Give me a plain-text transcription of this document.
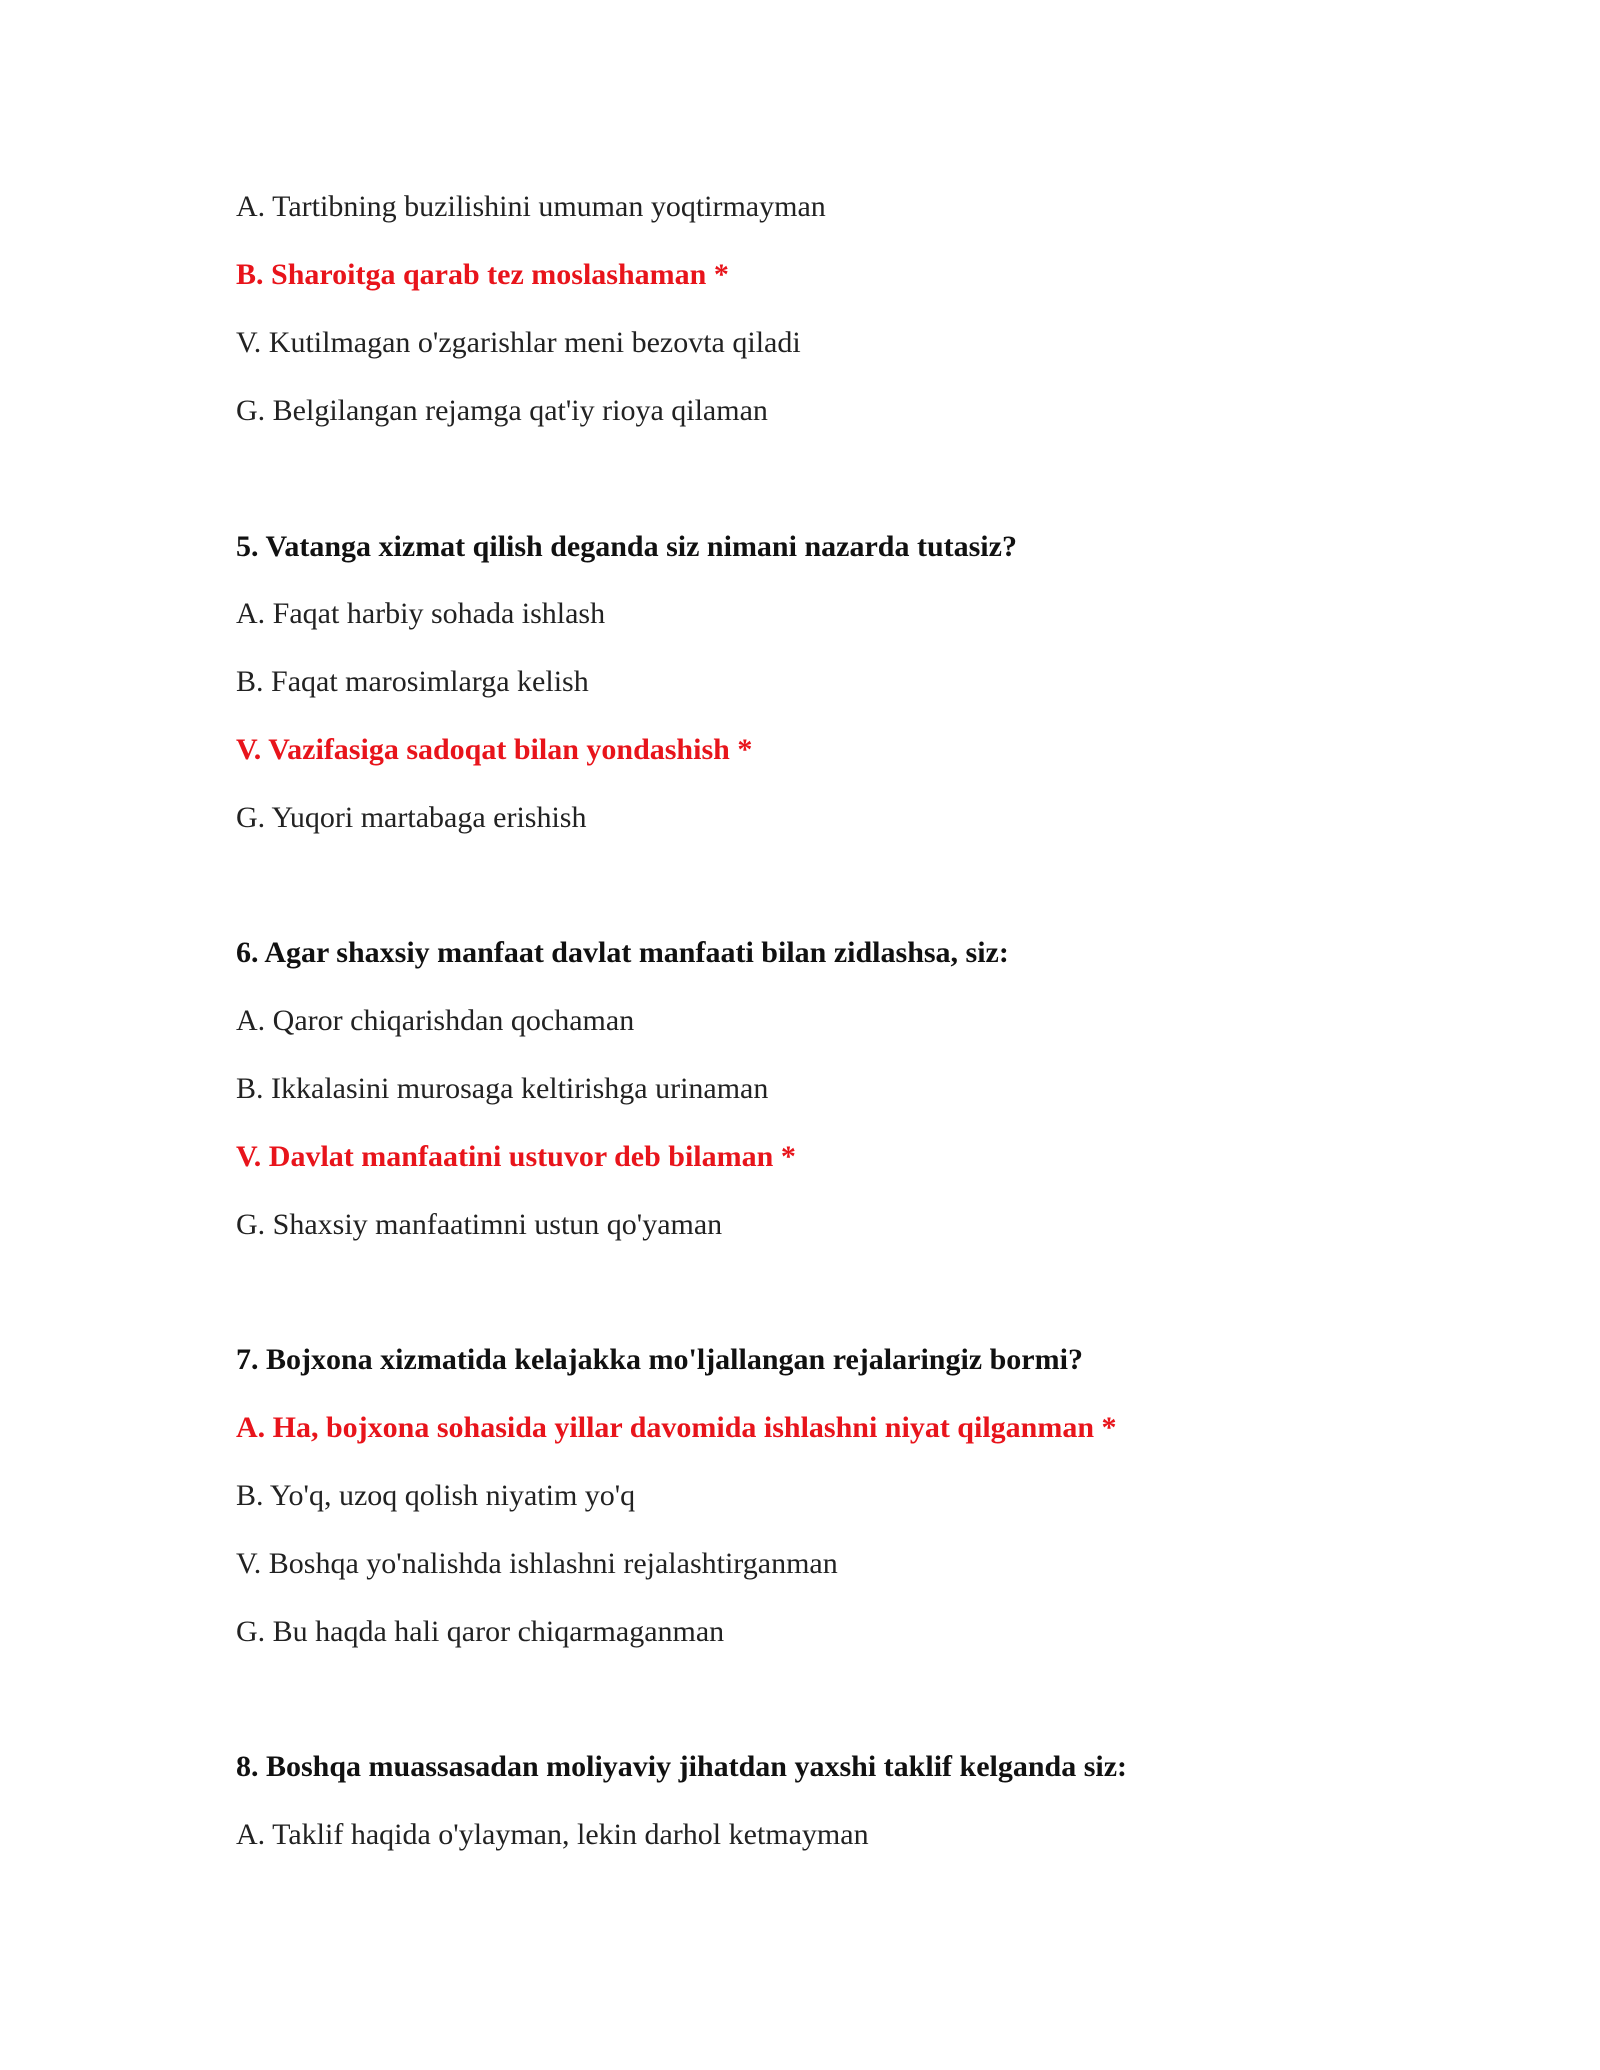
A. Tartibning buzilishini umuman yoqtirmayman
B. Sharoitga qarab tez moslashaman *
V. Kutilmagan o'zgarishlar meni bezovta qiladi
G. Belgilangan rejamga qat'iy rioya qilaman
5. Vatanga xizmat qilish deganda siz nimani nazarda tutasiz?
A. Faqat harbiy sohada ishlash
B. Faqat marosimlarga kelish
V. Vazifasiga sadoqat bilan yondashish *
G. Yuqori martabaga erishish
6. Agar shaxsiy manfaat davlat manfaati bilan zidlashsa, siz:
A. Qaror chiqarishdan qochaman
B. Ikkalasini murosaga keltirishga urinaman
V. Davlat manfaatini ustuvor deb bilaman *
G. Shaxsiy manfaatimni ustun qo'yaman
7. Bojxona xizmatida kelajakka mo'ljallangan rejalaringiz bormi?
A. Ha, bojxona sohasida yillar davomida ishlashni niyat qilganman *
B. Yo'q, uzoq qolish niyatim yo'q
V. Boshqa yo'nalishda ishlashni rejalashtirganman
G. Bu haqda hali qaror chiqarmaganman
8. Boshqa muassasadan moliyaviy jihatdan yaxshi taklif kelganda siz:
A. Taklif haqida o'ylayman, lekin darhol ketmayman
